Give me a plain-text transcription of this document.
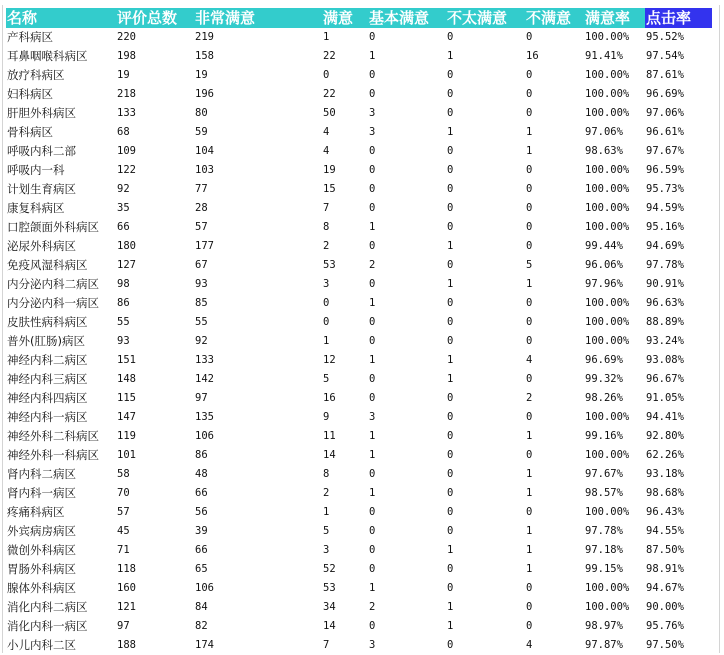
名称	评价总数	非常满意	满意	基本满意	不太满意	不满意	满意率	点击率
产科病区	220	219	1	0	0	0	100.00%	95.52%
耳鼻咽喉科病区	198	158	22	1	1	16	91.41%	97.54%
放疗科病区	19	19	0	0	0	0	100.00%	87.61%
妇科病区	218	196	22	0	0	0	100.00%	96.69%
肝胆外科病区	133	80	50	3	0	0	100.00%	97.06%
骨科病区	68	59	4	3	1	1	97.06%	96.61%
呼吸内科二部	109	104	4	0	0	1	98.63%	97.67%
呼吸内一科	122	103	19	0	0	0	100.00%	96.59%
计划生育病区	92	77	15	0	0	0	100.00%	95.73%
康复科病区	35	28	7	0	0	0	100.00%	94.59%
口腔颌面外科病区	66	57	8	1	0	0	100.00%	95.16%
泌尿外科病区	180	177	2	0	1	0	99.44%	94.69%
免疫风湿科病区	127	67	53	2	0	5	96.06%	97.78%
内分泌内科二病区	98	93	3	0	1	1	97.96%	90.91%
内分泌内科一病区	86	85	0	1	0	0	100.00%	96.63%
皮肤性病科病区	55	55	0	0	0	0	100.00%	88.89%
普外(肛肠)病区	93	92	1	0	0	0	100.00%	93.24%
神经内科二病区	151	133	12	1	1	4	96.69%	93.08%
神经内科三病区	148	142	5	0	1	0	99.32%	96.67%
神经内科四病区	115	97	16	0	0	2	98.26%	91.05%
神经内科一病区	147	135	9	3	0	0	100.00%	94.41%
神经外科二科病区	119	106	11	1	0	1	99.16%	92.80%
神经外科一科病区	101	86	14	1	0	0	100.00%	62.26%
肾内科二病区	58	48	8	0	0	1	97.67%	93.18%
肾内科一病区	70	66	2	1	0	1	98.57%	98.68%
疼痛科病区	57	56	1	0	0	0	100.00%	96.43%
外宾病房病区	45	39	5	0	0	1	97.78%	94.55%
微创外科病区	71	66	3	0	1	1	97.18%	87.50%
胃肠外科病区	118	65	52	0	0	1	99.15%	98.91%
腺体外科病区	160	106	53	1	0	0	100.00%	94.67%
消化内科二病区	121	84	34	2	1	0	100.00%	90.00%
消化内科一病区	97	82	14	0	1	0	98.97%	95.76%
小儿内科二区	188	174	7	3	0	4	97.87%	97.50%
